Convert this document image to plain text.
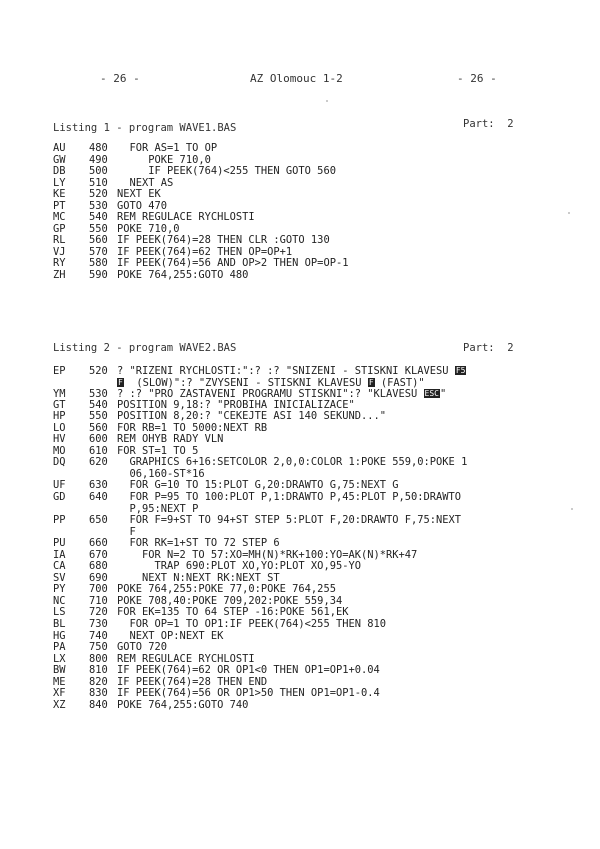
- 26 -	AZ Olomouc 1-2	- 26 -
Listing 1 - program WAVE1.BAS	Part: 2
AU 480  FOR AS=1 TO OP
GW 490     POKE 710,0
DB 500     IF PEEK(764)<255 THEN GOTO 560
LY 510  NEXT AS
KE 520 NEXT EK
PT 530 GOTO 470
MC 540 REM REGULACE RYCHLOSTI
GP 550 POKE 710,0
RL 560 IF PEEK(764)=28 THEN CLR :GOTO 130
VJ 570 IF PEEK(764)=62 THEN OP=OP+1
RY 580 IF PEEK(764)=56 AND OP>2 THEN OP=OP-1
ZH 590 POKE 764,255:GOTO 480
Listing 2 - program WAVE2.BAS	Part: 2
EP 520 ? "RIZENI RYCHLOSTI:":? :? "SNIZENI - STISKNI KLAVESU F5
F  (SLOW)":? "ZVYSENI - STISKNI KLAVESU F (FAST)"
YM 530 ? :? "PRO ZASTAVENI PROGRAMU STISKNI":? "KLAVESU ESC"
GT 540 POSITION 9,18:? "PROBIHA INICIALIZACE"
HP 550 POSITION 8,20:? "CEKEJTE ASI 140 SEKUND..."
LO 560 FOR RB=1 TO 5000:NEXT RB
HV 600 REM OHYB RADY VLN
MO 610 FOR ST=1 TO 5
DQ 620  GRAPHICS 6+16:SETCOLOR 2,0,0:COLOR 1:POKE 559,0:POKE 1
06,160-ST*16
UF 630  FOR G=10 TO 15:PLOT G,20:DRAWTO G,75:NEXT G
GD 640  FOR P=95 TO 100:PLOT P,1:DRAWTO P,45:PLOT P,50:DRAWTO
P,95:NEXT P
PP 650  FOR F=9+ST TO 94+ST STEP 5:PLOT F,20:DRAWTO F,75:NEXT
F
PU 660  FOR RK=1+ST TO 72 STEP 6
IA 670    FOR N=2 TO 57:XO=MH(N)*RK+100:YO=AK(N)*RK+47
CA 680      TRAP 690:PLOT XO,YO:PLOT XO,95-YO
SV 690    NEXT N:NEXT RK:NEXT ST
PY 700 POKE 764,255:POKE 77,0:POKE 764,255
NC 710 POKE 708,40:POKE 709,202:POKE 559,34
LS 720 FOR EK=135 TO 64 STEP -16:POKE 561,EK
BL 730  FOR OP=1 TO OP1:IF PEEK(764)<255 THEN 810
HG 740  NEXT OP:NEXT EK
PA 750 GOTO 720
LX 800 REM REGULACE RYCHLOSTI
BW 810 IF PEEK(764)=62 OR OP1<0 THEN OP1=OP1+0.04
ME 820 IF PEEK(764)=28 THEN END
XF 830 IF PEEK(764)=56 OR OP1>50 THEN OP1=OP1-0.4
XZ 840 POKE 764,255:GOTO 740
